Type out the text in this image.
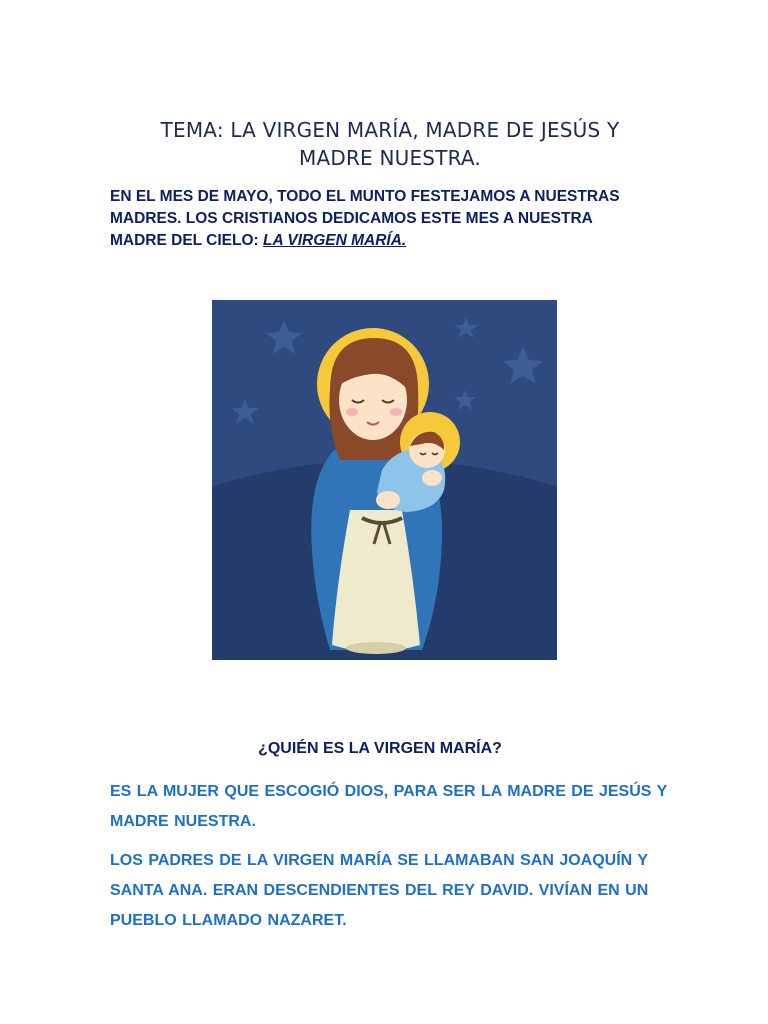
TEMA: LA VIRGEN MARÍA, MADRE DE JESÚS Y
MADRE NUESTRA.

EN EL MES DE MAYO, TODO EL MUNTO FESTEJAMOS A NUESTRAS MADRES. LOS CRISTIANOS DEDICAMOS ESTE MES A NUESTRA MADRE DEL CIELO: LA VIRGEN MARÍA.

¿QUIÉN ES LA VIRGEN MARÍA?

ES LA MUJER QUE ESCOGIÓ DIOS, PARA SER LA MADRE DE JESÚS Y MADRE NUESTRA.

LOS PADRES DE LA VIRGEN MARÍA SE LLAMABAN SAN JOAQUÍN Y SANTA ANA. ERAN DESCENDIENTES DEL REY DAVID. VIVÍAN EN UN PUEBLO LLAMADO NAZARET.
